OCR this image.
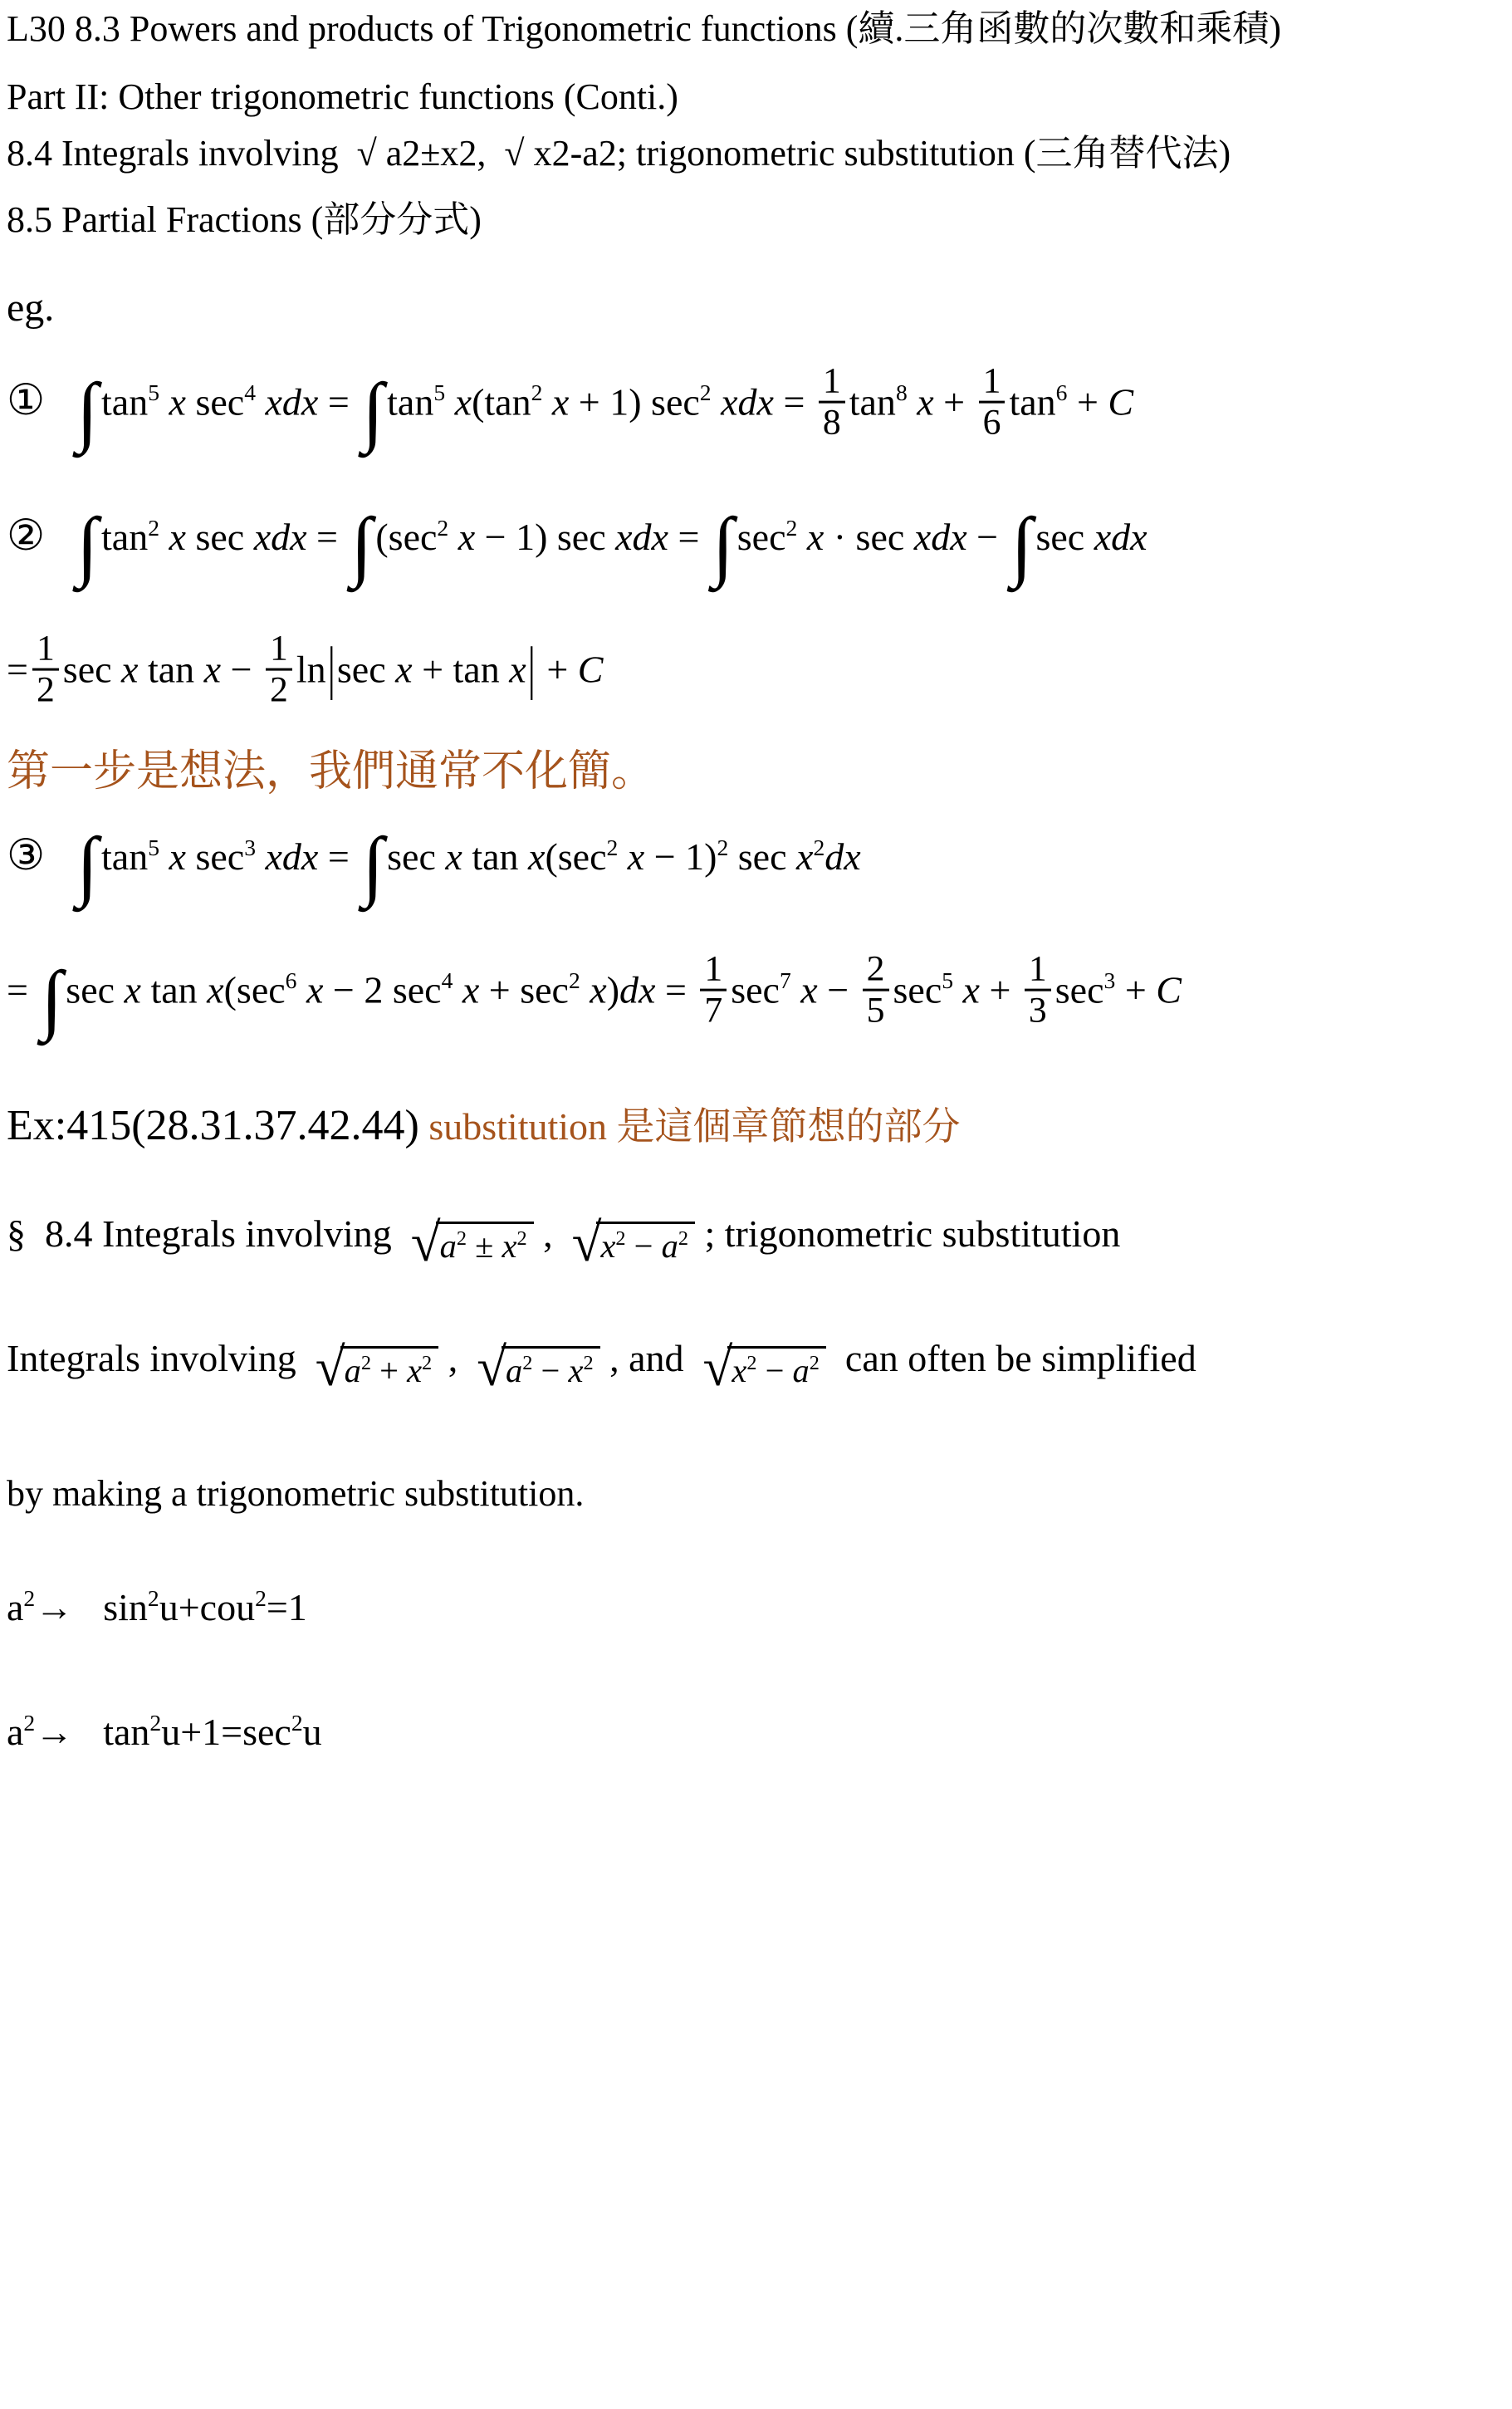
L30 8.3 Powers and products of Trigonometric functions (續.三角函數的次數和乘積)
Part II: Other trigonometric functions (Conti.)
8.4 Integrals involving  √ a2±x2,  √ x2-a2; trigonometric substitution (三角替代法)
8.5 Partial Fractions (部分分式)
eg.
① $\int\tan^5$ x $\sec^4$ xdx = $\int\tan^5$ $x(\tan^2$ x + 1) $\sec^2$ xdx = $\frac{1}{8} \tan^8 x + \frac{1}{6} \tan^6 + C$
② $\int\tan^2$ x sec xdx = $\int(\sec^2$ x − 1) sec xdx = $\int\sec^2$ x · sec xdx − ∫sec xdx
= $\frac{1}{2}$ sec x $\tan x - \frac{1}{2} \ln|\sec$ x + tan x| + C
第一步是想法，我們通常不化簡。
③ $\int\tan^5$ x $\sec^3$ xdx = ∫sec x $\tan x(\sec^2$ x − 1)$^2$ $\sec x^2dx$
= ∫sec x $\tan x(\sec^6$ x − 2 $\sec^4 x + \sec^2 x)dx = \frac{1}{7} \sec^7 x - \frac{2}{5} \sec^5 x + \frac{1}{3} \sec^3 + C$
Ex:415(28.31.37.42.44) substitution 是這個章節想的部分
§  8.4 Integrals involving √ $a^2 \pm x^2$ , √ $x^2 - a^2$ ; trigonometric substitution
Integrals involving √ $a^2 + x^2$ , √ $a^2 - x^2$ , and √ $x^2 - a^2$ can often be simplified
by making a trigonometric substitution.
$a^2\to \sin^2u+cou^2=1$
$a^2\to \tan^2u+1=\sec^2u$
